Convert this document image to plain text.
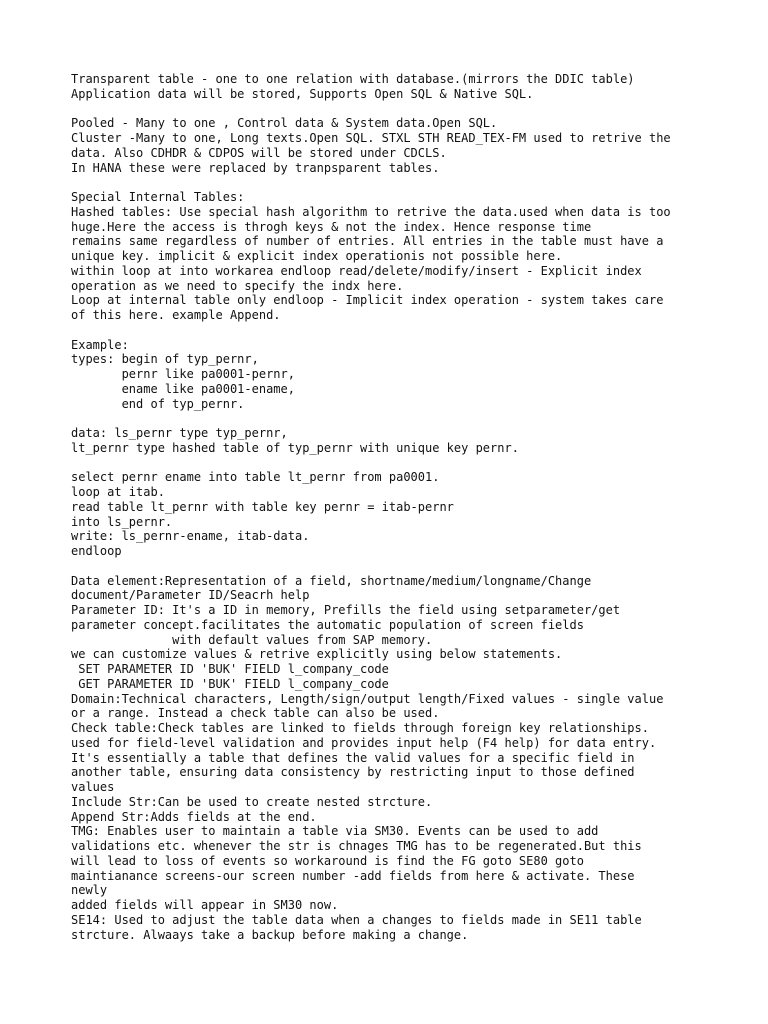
Transparent table - one to one relation with database.(mirrors the DDIC table)
Application data will be stored, Supports Open SQL & Native SQL.
Pooled - Many to one , Control data & System data.Open SQL.
Cluster -Many to one, Long texts.Open SQL. STXL STH READ_TEX-FM used to retrive the
data. Also CDHDR & CDPOS will be stored under CDCLS.
In HANA these were replaced by tranpsparent tables.
Special Internal Tables:
Hashed tables: Use special hash algorithm to retrive the data.used when data is too
huge.Here the access is throgh keys & not the index. Hence response time
remains same regardless of number of entries. All entries in the table must have a
unique key. implicit & explicit index operationis not possible here.
within loop at into workarea endloop read/delete/modify/insert - Explicit index
operation as we need to specify the indx here.
Loop at internal table only endloop - Implicit index operation - system takes care
of this here. example Append.
Example:
types: begin of typ_pernr,
pernr like pa0001-pernr,
ename like pa0001-ename,
end of typ_pernr.
data: ls_pernr type typ_pernr,
lt_pernr type hashed table of typ_pernr with unique key pernr.
select pernr ename into table lt_pernr from pa0001.
loop at itab.
read table lt_pernr with table key pernr = itab-pernr
into ls_pernr.
write: ls_pernr-ename, itab-data.
endloop
Data element:Representation of a field, shortname/medium/longname/Change
document/Parameter ID/Seacrh help
Parameter ID: It's a ID in memory, Prefills the field using setparameter/get
parameter concept.facilitates the automatic population of screen fields
with default values from SAP memory.
we can customize values & retrive explicitly using below statements.
SET PARAMETER ID 'BUK' FIELD l_company_code
GET PARAMETER ID 'BUK' FIELD l_company_code
Domain:Technical characters, Length/sign/output length/Fixed values - single value
or a range. Instead a check table can also be used.
Check table:Check tables are linked to fields through foreign key relationships.
used for field-level validation and provides input help (F4 help) for data entry.
It's essentially a table that defines the valid values for a specific field in
another table, ensuring data consistency by restricting input to those defined
values
Include Str:Can be used to create nested strcture.
Append Str:Adds fields at the end.
TMG: Enables user to maintain a table via SM30. Events can be used to add
validations etc. whenever the str is chnages TMG has to be regenerated.But this
will lead to loss of events so workaround is find the FG goto SE80 goto
maintianance screens-our screen number -add fields from here & activate. These
newly
added fields will appear in SM30 now.
SE14: Used to adjust the table data when a changes to fields made in SE11 table
strcture. Alwaays take a backup before making a change.
